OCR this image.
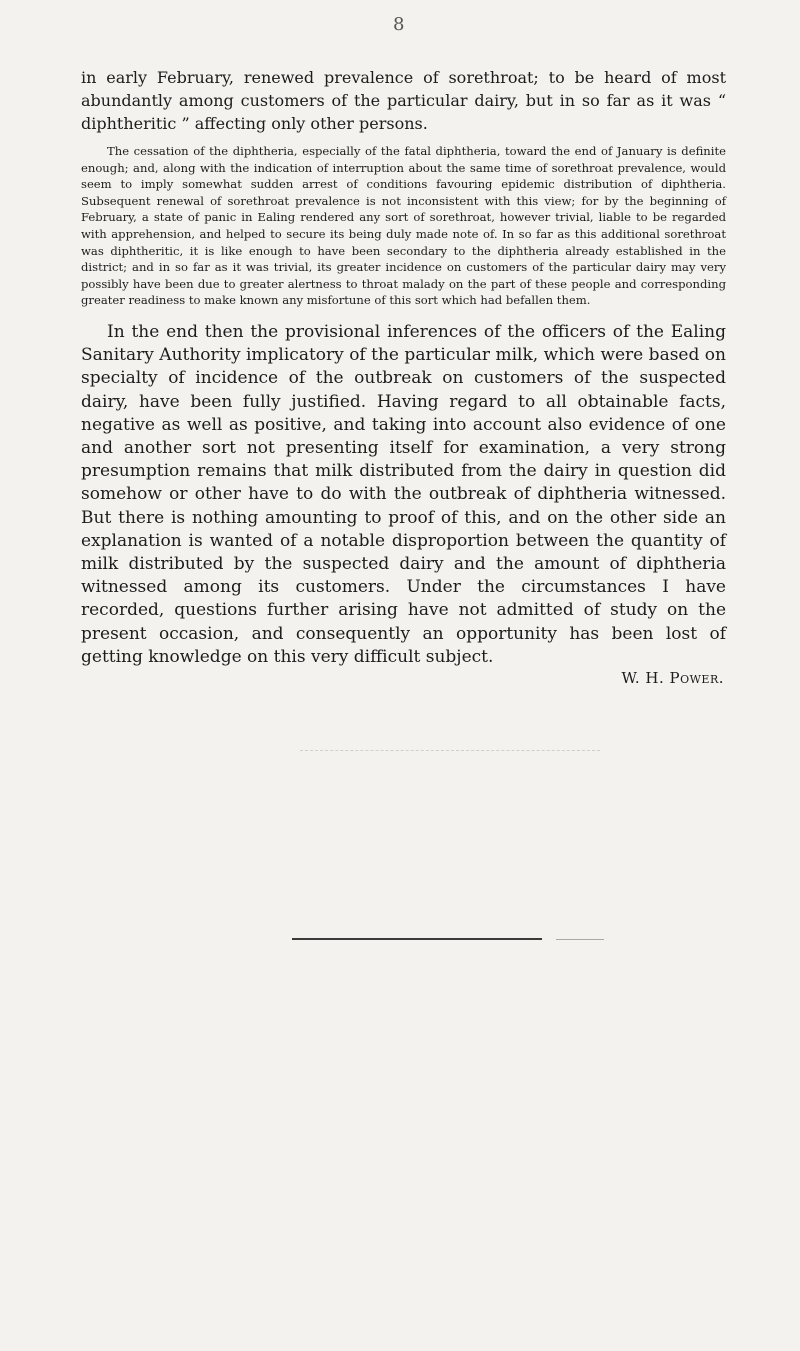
8

in early February, renewed prevalence of sorethroat; to be heard of most abundantly among customers of the particular dairy, but in so far as it was “ diphtheritic ” affecting only other persons.

The cessation of the diphtheria, especially of the fatal diphtheria, toward the end of January is definite enough; and, along with the indication of interruption about the same time of sorethroat prevalence, would seem to imply somewhat sudden arrest of conditions favouring epidemic distribution of diphtheria. Subsequent renewal of sorethroat prevalence is not inconsistent with this view; for by the beginning of February, a state of panic in Ealing rendered any sort of sorethroat, however trivial, liable to be regarded with apprehension, and helped to secure its being duly made note of. In so far as this additional sorethroat was diphtheritic, it is like enough to have been secondary to the diphtheria already established in the district; and in so far as it was trivial, its greater incidence on customers of the particular dairy may very possibly have been due to greater alertness to throat malady on the part of these people and corresponding greater readiness to make known any misfortune of this sort which had befallen them.

In the end then the provisional inferences of the officers of the Ealing Sanitary Authority implicatory of the particular milk, which were based on specialty of incidence of the outbreak on customers of the suspected dairy, have been fully justified. Having regard to all obtainable facts, negative as well as positive, and taking into account also evidence of one and another sort not presenting itself for examination, a very strong presumption remains that milk distributed from the dairy in question did somehow or other have to do with the outbreak of diphtheria witnessed. But there is nothing amounting to proof of this, and on the other side an explanation is wanted of a notable disproportion between the quantity of milk distributed by the suspected dairy and the amount of diphtheria witnessed among its customers. Under the circumstances I have recorded, questions further arising have not admitted of study on the present occasion, and consequently an opportunity has been lost of getting knowledge on this very difficult subject.

W. H. Power.
